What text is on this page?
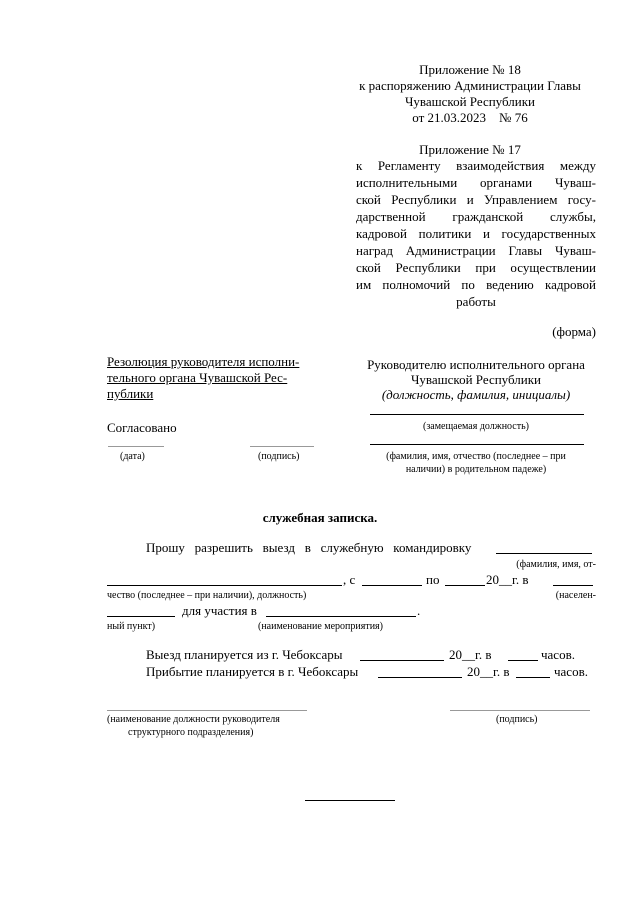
Приложение № 18
к распоряжению Администрации Главы
Чувашской Республики
от 21.03.2023    № 76
Приложение № 17
к Регламенту взаимодействия между
исполнительными органами Чуваш-
ской Республики и Управлением госу-
дарственной гражданской службы,
кадровой политики и государственных
наград Администрации Главы Чуваш-
ской Республики при осуществлении
им полномочий по ведению кадровой
работы
(форма)
Резолюция руководителя исполни-
тельного органа Чувашской Рес-
публики
Согласовано
(дата)	(подпись)
Руководителю исполнительного органа
Чувашской Республики
(должность, фамилия, инициалы)
(замещаемая должность)
(фамилия, имя, отчество (последнее – при
наличии) в родительном падеже)
служебная записка.
Прошу   разрешить   выезд   в   служебную   командировку
(фамилия, имя, от-
, с	по	20__г. в
чество (последнее – при наличии), должность)	(населен-
для участия в	.
ный пункт)	(наименование мероприятия)
Выезд планируется из г. Чебоксары	20__г. в	часов.
Прибытие планируется в г. Чебоксары	20__г. в	часов.
(наименование должности руководителя
структурного подразделения)
(подпись)
